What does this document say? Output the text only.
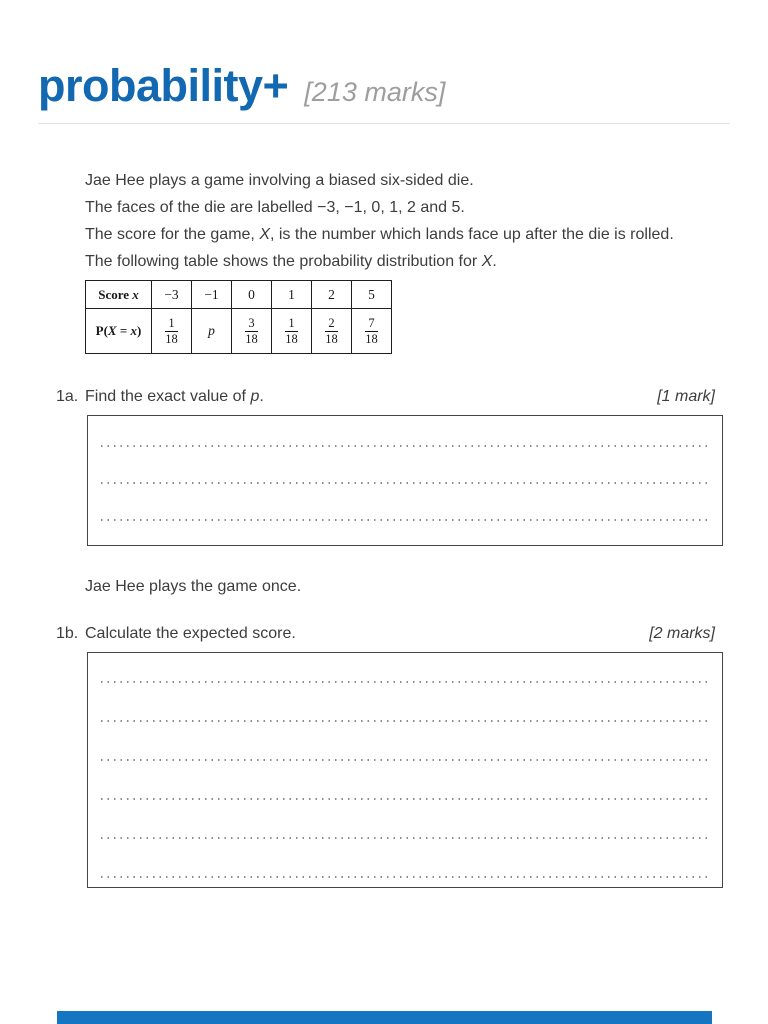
probability+ [213 marks]

Jae Hee plays a game involving a biased six-sided die.

The faces of the die are labelled −3, −1, 0, 1, 2 and 5.

The score for the game, X, is the number which lands face up after the die is rolled.

The following table shows the probability distribution for X.

Score x	−3	−1	0	1	2	5
P(X = x)	$\frac{1}{18}$	p	$\frac{3}{18}$	$\frac{1}{18}$	$\frac{2}{18}$	$\frac{7}{18}$
1a. Find the exact value of p.	[1 mark]

Jae Hee plays the game once.

1b. Calculate the expected score.	[2 marks]
